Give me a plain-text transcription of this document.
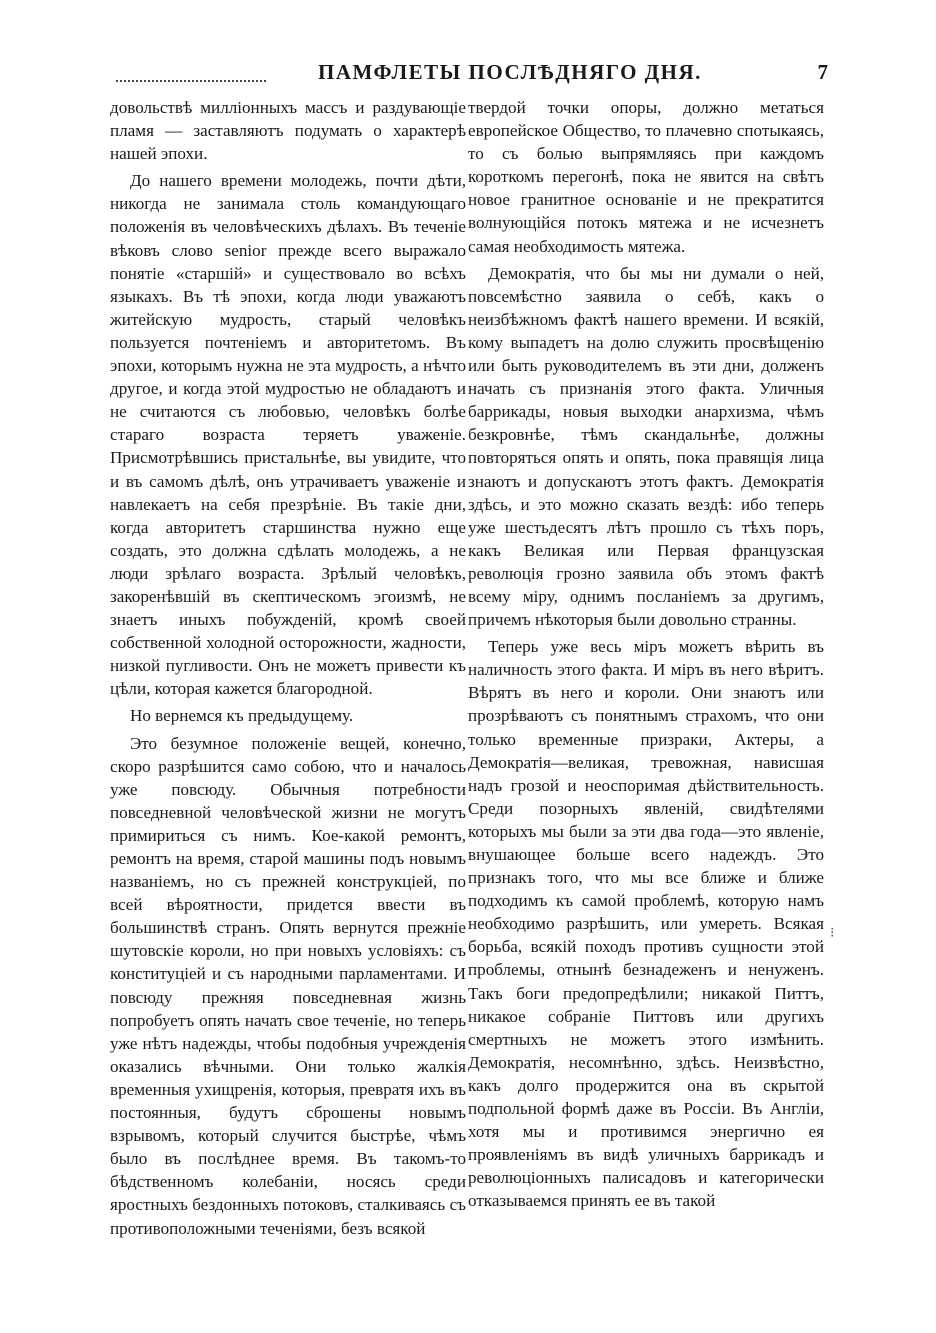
ПАМФЛЕТЫ ПОСЛѢДНЯГО ДНЯ.	7

довольствѣ милліонныхъ массъ и раздувающіе пламя — заставляютъ подумать о характерѣ нашей эпохи.

До нашего времени молодежь, почти дѣти, никогда не занимала столь командующаго положенія въ человѣческихъ дѣлахъ. Въ теченіе вѣковъ слово senior прежде всего выражало понятіе «старшій» и существовало во всѣхъ языкахъ. Въ тѣ эпохи, когда люди уважаютъ житейскую мудрость, старый человѣкъ пользуется почтеніемъ и авторитетомъ. Въ эпохи, которымъ нужна не эта мудрость, а нѣчто другое, и когда этой мудростью не обладаютъ и не считаются съ любовью, человѣкъ болѣе стараго возраста теряетъ уваженіе. Присмотрѣвшись пристальнѣе, вы увидите, что и въ самомъ дѣлѣ, онъ утрачиваетъ уваженіе и навлекаетъ на себя презрѣніе. Въ такіе дни, когда авторитетъ старшинства нужно еще создать, это должна сдѣлать молодежь, а не люди зрѣлаго возраста. Зрѣлый человѣкъ, закоренѣвшій въ скептическомъ эгоизмѣ, не знаетъ иныхъ побужденій, кромѣ своей собственной холодной осторожности, жадности, низкой пугливости. Онъ не можетъ привести къ цѣли, которая кажется благородной.

Но вернемся къ предыдущему.

Это безумное положеніе вещей, конечно, скоро разрѣшится само собою, что и началось уже повсюду. Обычныя потребности повседневной человѣческой жизни не могутъ примириться съ нимъ. Кое-какой ремонтъ, ремонтъ на время, старой машины подъ новымъ названіемъ, но съ прежней конструкціей, по всей вѣроятности, придется ввести въ большинствѣ странъ. Опять вернутся прежніе шутовскіе короли, но при новыхъ условіяхъ: съ конституціей и съ народными парламентами. И повсюду прежняя повседневная жизнь попробуетъ опять начать свое теченіе, но теперь уже нѣтъ надежды, чтобы подобныя учрежденія оказались вѣчными. Они только жалкія временныя ухищренія, которыя, превратя ихъ въ постоянныя, будутъ сброшены новымъ взрывомъ, который случится быстрѣе, чѣмъ было въ послѣднее время. Въ такомъ-то бѣдственномъ колебаніи, носясь среди яростныхъ бездонныхъ потоковъ, сталкиваясь съ противоположными теченіями, безъ всякой

твердой точки опоры, должно метаться европейское Общество, то плачевно спотыкаясь, то съ болью выпрямляясь при каждомъ короткомъ перегонѣ, пока не явится на свѣтъ новое гранитное основаніе и не прекратится волнующійся потокъ мятежа и не исчезнетъ самая необходимость мятежа.

Демократія, что бы мы ни думали о ней, повсемѣстно заявила о себѣ, какъ о неизбѣжномъ фактѣ нашего времени. И всякій, кому выпадетъ на долю служить просвѣщенію или быть руководителемъ въ эти дни, долженъ начать съ признанія этого факта. Уличныя баррикады, новыя выходки анархизма, чѣмъ безкровнѣе, тѣмъ скандальнѣе, должны повторяться опять и опять, пока правящія лица знаютъ и допускаютъ этотъ фактъ. Демократія здѣсь, и это можно сказать вездѣ: ибо теперь уже шестьдесятъ лѣтъ прошло съ тѣхъ поръ, какъ Великая или Первая французская революція грозно заявила объ этомъ фактѣ всему міру, однимъ посланіемъ за другимъ, причемъ нѣкоторыя были довольно странны.

Теперь уже весь міръ можетъ вѣрить въ наличность этого факта. И міръ въ него вѣритъ. Вѣрятъ въ него и короли. Они знаютъ или прозрѣваютъ съ понятнымъ страхомъ, что они только временные призраки, Актеры, а Демократія—великая, тревожная, нависшая надъ грозой и неоспоримая дѣйствительность. Среди позорныхъ явленій, свидѣтелями которыхъ мы были за эти два года—это явленіе, внушающее больше всего надеждъ. Это признакъ того, что мы все ближе и ближе подходимъ къ самой проблемѣ, которую намъ необходимо разрѣшить, или умереть. Всякая борьба, всякій походъ противъ сущности этой проблемы, отнынѣ безнадеженъ и ненуженъ. Такъ боги предопредѣлили; никакой Питтъ, никакое собраніе Питтовъ или другихъ смертныхъ не можетъ этого измѣнить. Демократія, несомнѣнно, здѣсь. Неизвѣстно, какъ долго продержится она въ скрытой подпольной формѣ даже въ Россіи. Въ Англіи, хотя мы и противимся энергично ея проявленіямъ въ видѣ уличныхъ баррикадъ и революціонныхъ палисадовъ и категорически отказываемся принять ее въ такой

⁝
